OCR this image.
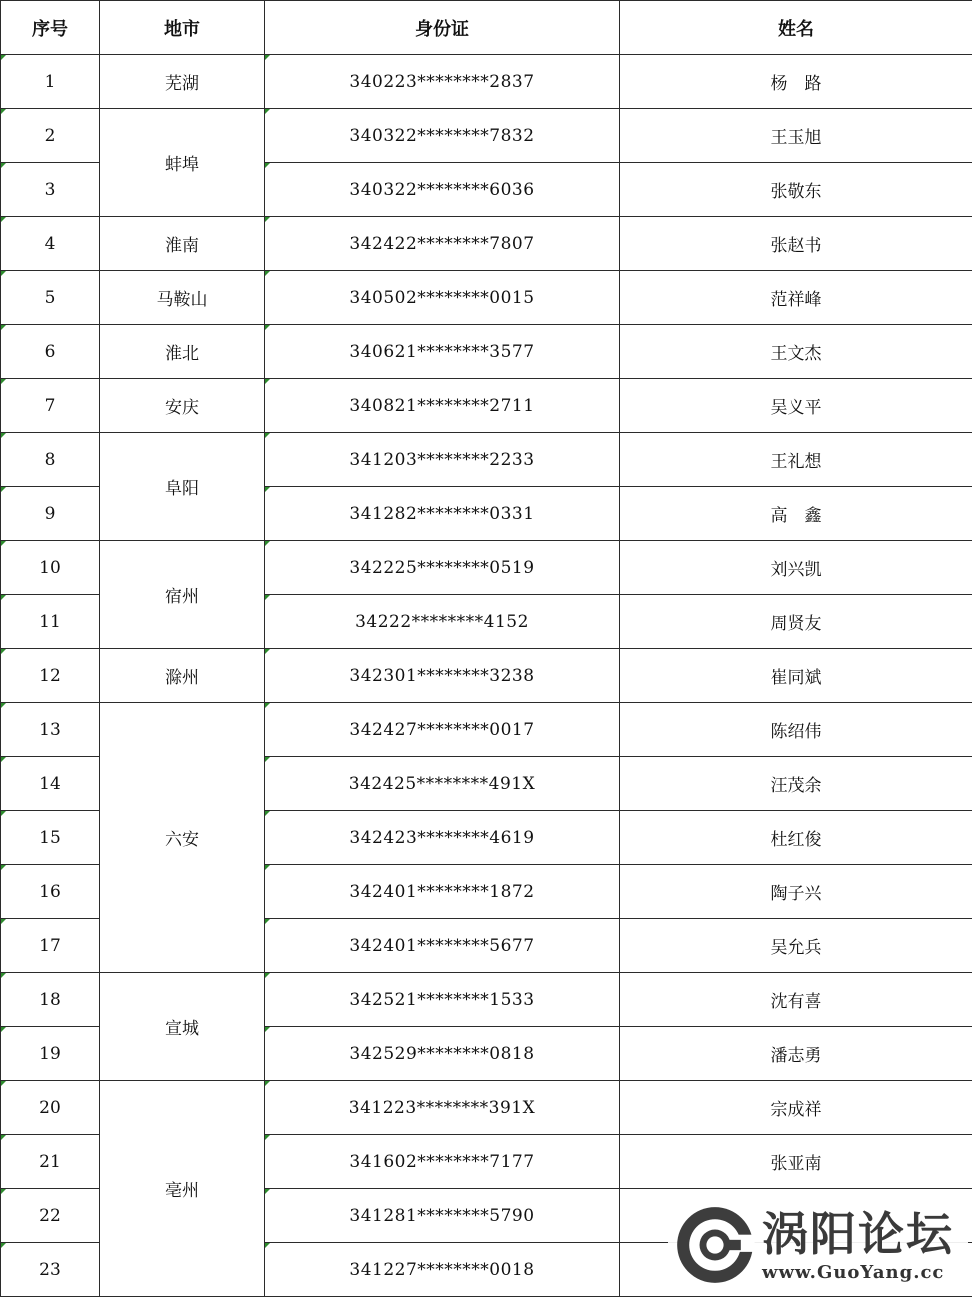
序号	地市	身份证	姓名
1	芜湖	340223********2837	杨　路
2	蚌埠	340322********7832	王玉旭
3		340322********6036	张敬东
4	淮南	342422********7807	张赵书
5	马鞍山	340502********0015	范祥峰
6	淮北	340621********3577	王文杰
7	安庆	340821********2711	吴义平
8	阜阳	341203********2233	王礼想
9		341282********0331	高　鑫
10	宿州	342225********0519	刘兴凯
11		34222********4152	周贤友
12	滁州	342301********3238	崔同斌
13	六安	342427********0017	陈绍伟
14		342425********491X	汪茂余
15		342423********4619	杜红俊
16		342401********1872	陶子兴
17		342401********5677	吴允兵
18	宣城	342521********1533	沈有喜
19		342529********0818	潘志勇
20	亳州	341223********391X	宗成祥
21		341602********7177	张亚南
22		341281********5790	
23		341227********0018	
涡阳论坛
www.GuoYang.cc
